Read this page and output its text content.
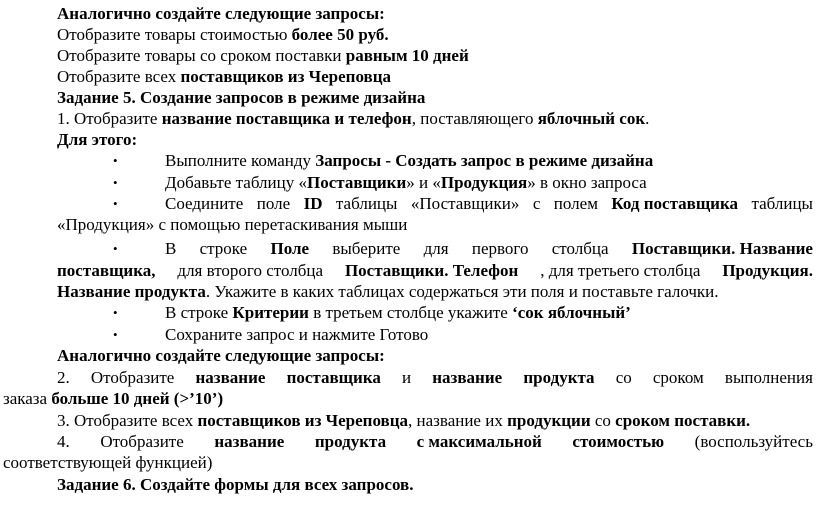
Аналогично создайте следующие запросы:
Отобразите товары стоимостью более 50 руб.
Отобразите товары со сроком поставки равным 10 дней
Отобразите всех поставщиков из Череповца
Задание 5. Создание запросов в режиме дизайна
1. Отобразите название поставщика и телефон, поставляющего яблочный сок.
Для этого:
•	Выполните команду Запросы - Создать запрос в режиме дизайна
•	Добавьте таблицу «Поставщики» и «Продукция» в окно запроса
•	Соедините поле ID таблицы «Поставщики» с полем Код поставщика таблицы
«Продукция» с помощью перетаскивания мыши
•	В строке Поле выберите для первого столбца Поставщики. Название
поставщика, для второго столбца Поставщики. Телефон , для третьего столбца Продукция.
Название продукта. Укажите в каких таблицах содержаться эти поля и поставьте галочки.
•	В строке Критерии в третьем столбце укажите ‘сок яблочный’
•	Сохраните запрос и нажмите Готово
Аналогично создайте следующие запросы:
2. Отобразите название поставщика и название продукта со сроком выполнения
заказа больше 10 дней (>’10’)
3. Отобразите всех поставщиков из Череповца, название их продукции со сроком поставки.
4. Отобразите название продукта с максимальной стоимостью (воспользуйтесь
соответствующей функцией)
Задание 6. Создайте формы для всех запросов.
